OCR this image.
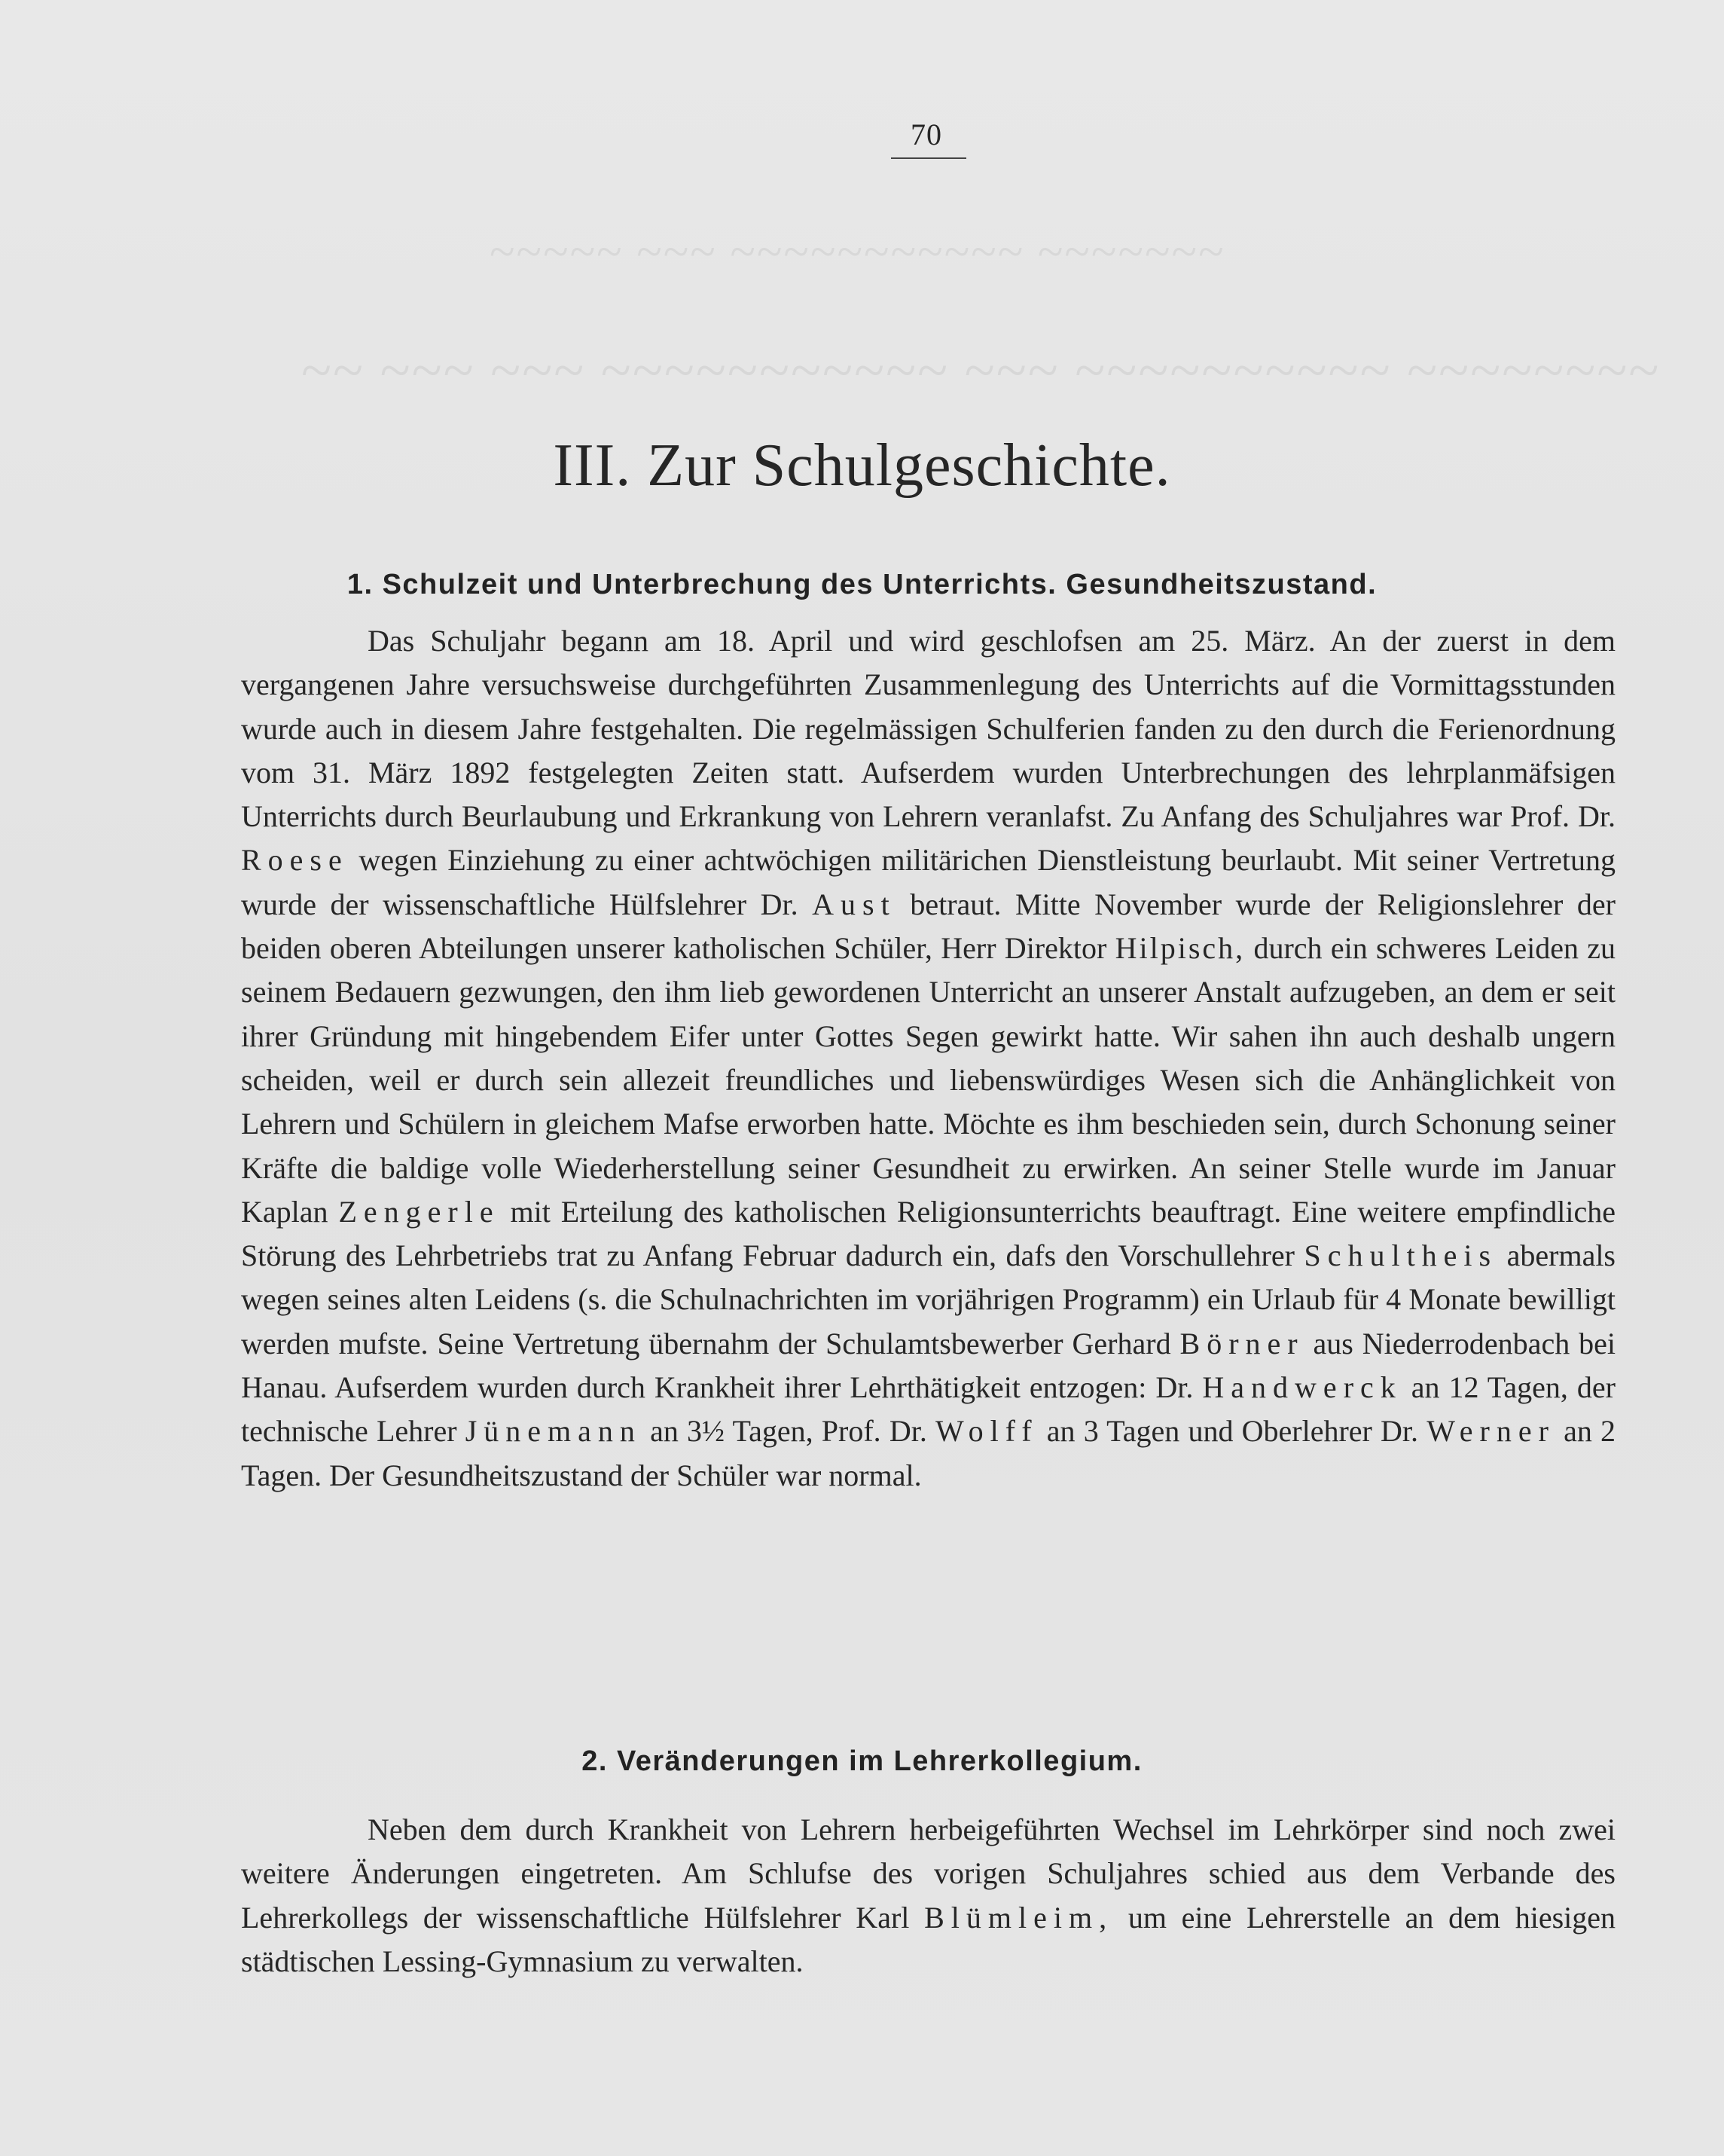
~~~~~ ~~~ ~~~~~~~~~~~ ~~~~~~~
~~ ~~~ ~~~ ~~~~~~~~~~~ ~~~ ~~~~~~~~~~ ~~~~~~~~
70
III. Zur Schulgeschichte.
1. Schulzeit und Unterbrechung des Unterrichts. Gesundheitszustand.

Das Schuljahr begann am 18. April und wird geschlofsen am 25. März. An der zuerst in dem vergangenen Jahre versuchsweise durchgeführten Zusammenlegung des Unterrichts auf die Vormittagsstunden wurde auch in diesem Jahre festgehalten. Die regelmässigen Schulferien fanden zu den durch die Ferienordnung vom 31. März 1892 festgelegten Zeiten statt. Aufserdem wurden Unterbrechungen des lehrplanmäfsigen Unterrichts durch Beurlaubung und Erkrankung von Lehrern veranlafst. Zu Anfang des Schuljahres war Prof. Dr. Roese wegen Einziehung zu einer achtwöchigen militärichen Dienstleistung beurlaubt. Mit seiner Vertretung wurde der wissenschaftliche Hülfslehrer Dr. Aust betraut. Mitte November wurde der Religionslehrer der beiden oberen Abteilungen unserer katholischen Schüler, Herr Direktor Hilpisch, durch ein schweres Leiden zu seinem Bedauern gezwungen, den ihm lieb gewordenen Unterricht an unserer Anstalt aufzugeben, an dem er seit ihrer Gründung mit hingebendem Eifer unter Gottes Segen gewirkt hatte. Wir sahen ihn auch deshalb ungern scheiden, weil er durch sein allezeit freundliches und liebenswürdiges Wesen sich die Anhänglichkeit von Lehrern und Schülern in gleichem Mafse erworben hatte. Möchte es ihm beschieden sein, durch Schonung seiner Kräfte die baldige volle Wiederherstellung seiner Gesundheit zu erwirken. An seiner Stelle wurde im Januar Kaplan Zengerle mit Erteilung des katholischen Religionsunterrichts beauftragt. Eine weitere empfindliche Störung des Lehrbetriebs trat zu Anfang Februar dadurch ein, dafs den Vorschullehrer Schultheis abermals wegen seines alten Leidens (s. die Schulnachrichten im vorjährigen Programm) ein Urlaub für 4 Monate bewilligt werden mufste. Seine Vertretung übernahm der Schulamtsbewerber Gerhard Börner aus Niederrodenbach bei Hanau. Aufserdem wurden durch Krankheit ihrer Lehrthätigkeit entzogen: Dr. Handwerck an 12 Tagen, der technische Lehrer Jünemann an 3½ Tagen, Prof. Dr. Wolff an 3 Tagen und Oberlehrer Dr. Werner an 2 Tagen. Der Gesundheitszustand der Schüler war normal.

2. Veränderungen im Lehrerkollegium.

Neben dem durch Krankheit von Lehrern herbeigeführten Wechsel im Lehrkörper sind noch zwei weitere Änderungen eingetreten. Am Schlufse des vorigen Schuljahres schied aus dem Verbande des Lehrerkollegs der wissenschaftliche Hülfslehrer Karl Blümleim, um eine Lehrerstelle an dem hiesigen städtischen Lessing-Gymnasium zu verwalten.
